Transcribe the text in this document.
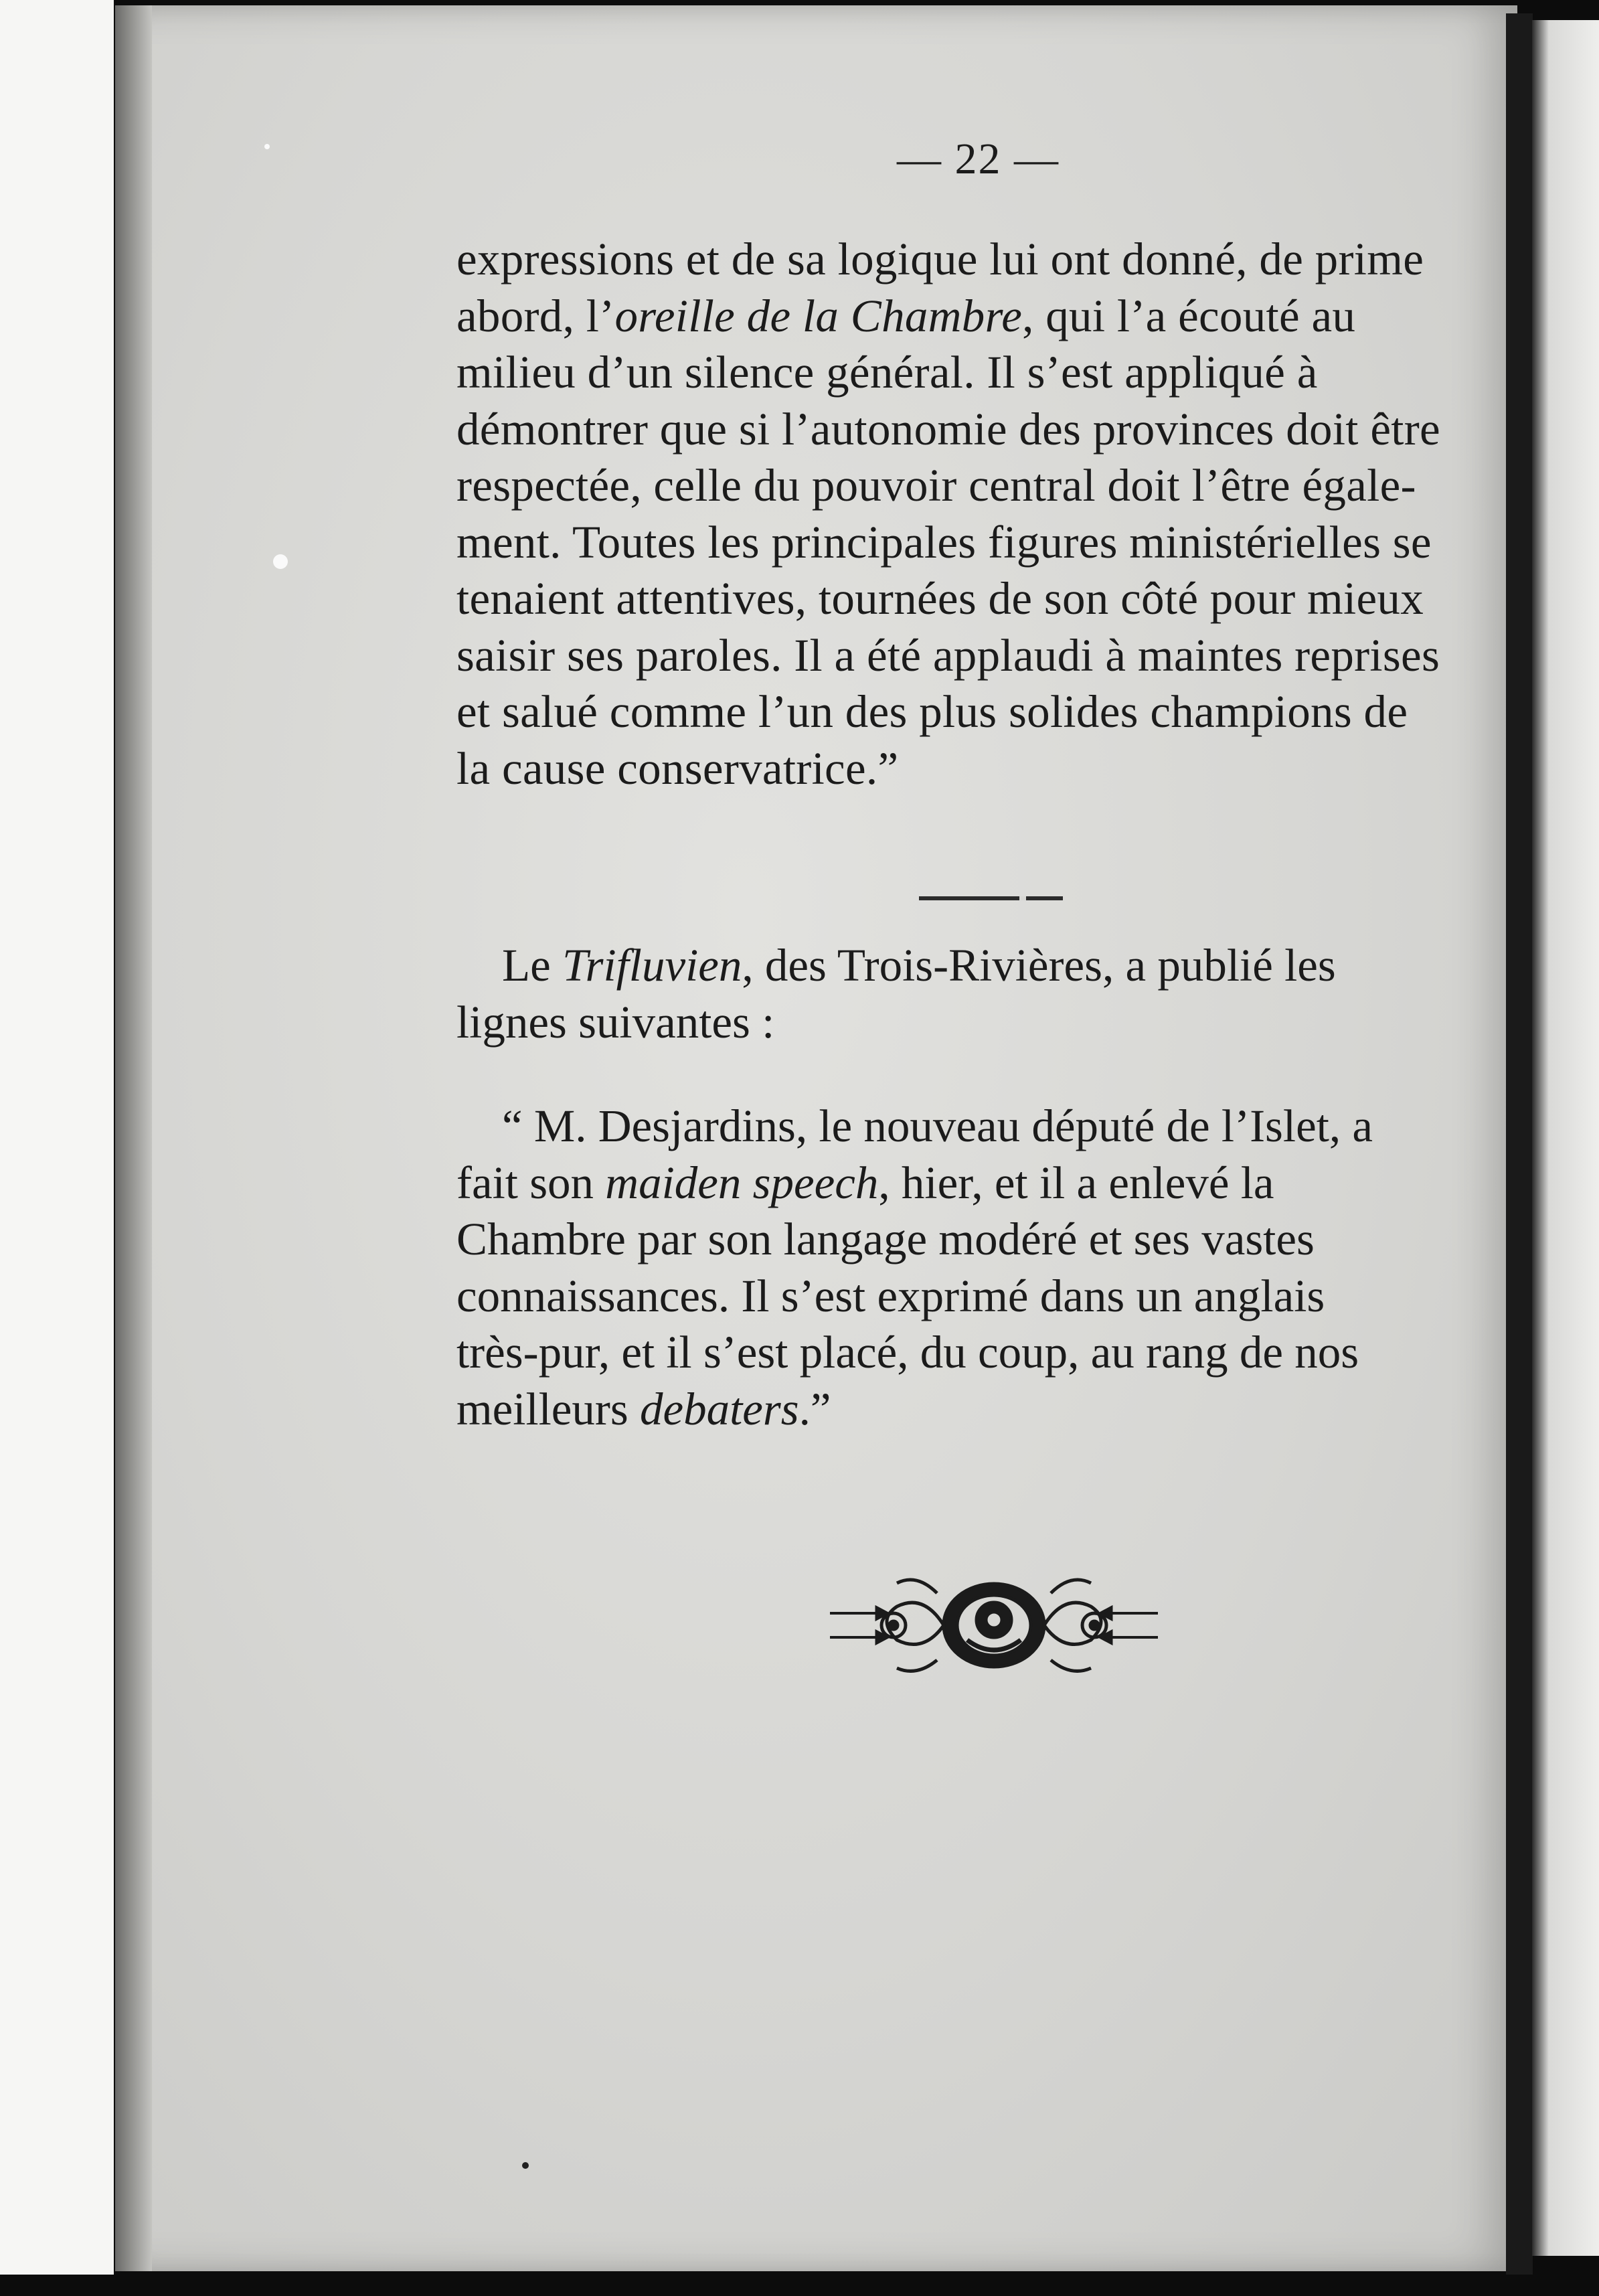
— 22 —
expressions et de sa logique lui ont donné, de prime
abord, l’oreille de la Chambre, qui l’a écouté au
milieu d’un silence général. Il s’est appliqué à
démontrer que si l’autonomie des provinces doit être
respectée, celle du pouvoir central doit l’être égale-
ment. Toutes les principales figures ministérielles se
tenaient attentives, tournées de son côté pour mieux
saisir ses paroles. Il a été applaudi à maintes reprises
et salué comme l’un des plus solides champions de
la cause conservatrice.”
Le Trifluvien, des Trois-Rivières, a publié les
lignes suivantes :
“ M. Desjardins, le nouveau député de l’Islet, a
fait son maiden speech, hier, et il a enlevé la
Chambre par son langage modéré et ses vastes
connaissances. Il s’est exprimé dans un anglais
très-pur, et il s’est placé, du coup, au rang de nos
meilleurs debaters.”
